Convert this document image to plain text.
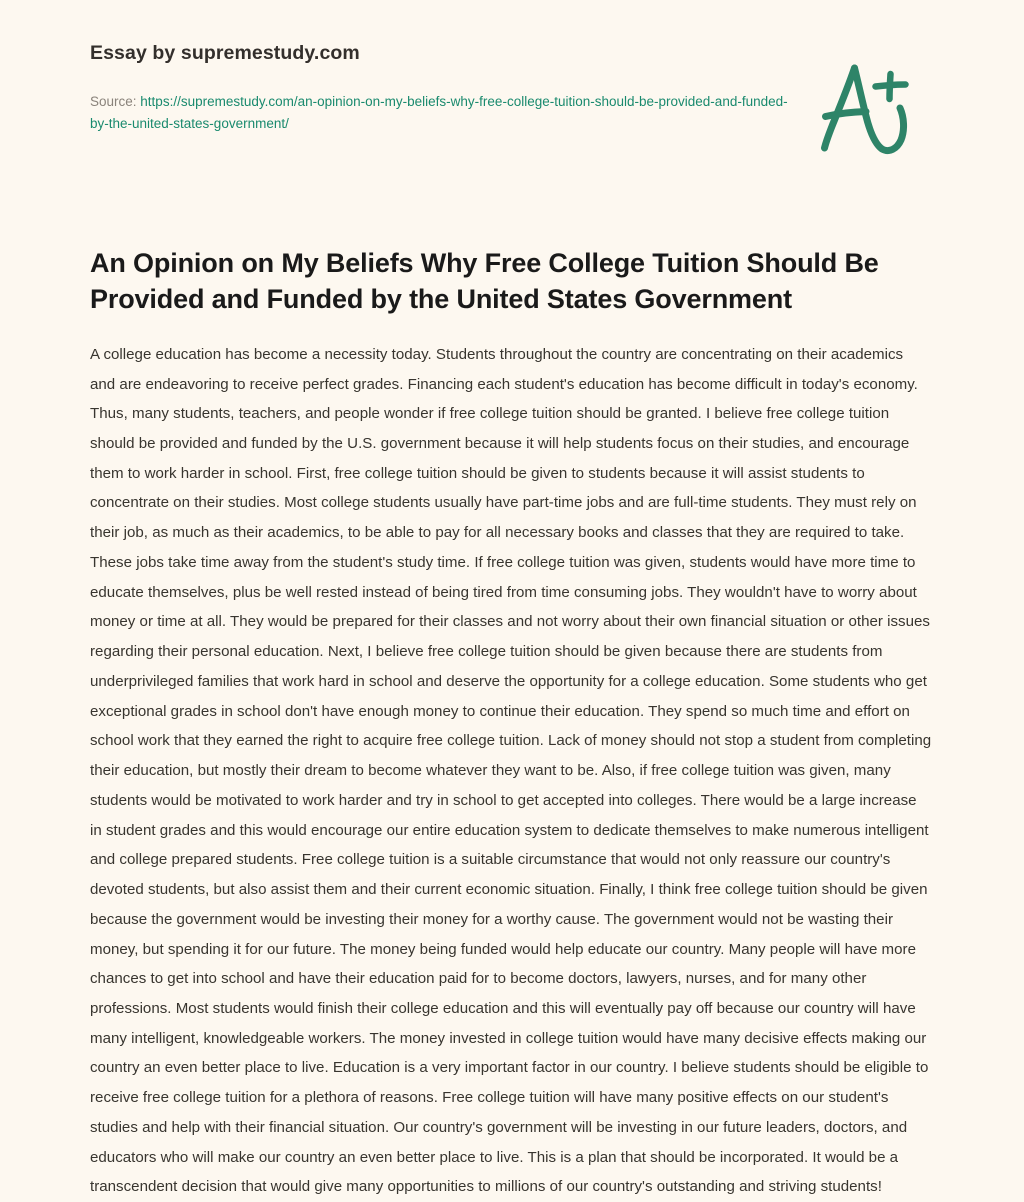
Essay by supremestudy.com

Source: https://supremestudy.com/an-opinion-on-my-beliefs-why-free-college-tuition-should-be-provided-and-funded-by-the-united-states-government/

An Opinion on My Beliefs Why Free College Tuition Should Be Provided and Funded by the United States Government

A college education has become a necessity today. Students throughout the country are concentrating on their academics and are endeavoring to receive perfect grades. Financing each student's education has become difficult in today's economy. Thus, many students, teachers, and people wonder if free college tuition should be granted. I believe free college tuition should be provided and funded by the U.S. government because it will help students focus on their studies, and encourage them to work harder in school. First, free college tuition should be given to students because it will assist students to concentrate on their studies. Most college students usually have part-time jobs and are full-time students. They must rely on their job, as much as their academics, to be able to pay for all necessary books and classes that they are required to take. These jobs take time away from the student's study time. If free college tuition was given, students would have more time to educate themselves, plus be well rested instead of being tired from time consuming jobs. They wouldn't have to worry about money or time at all. They would be prepared for their classes and not worry about their own financial situation or other issues regarding their personal education. Next, I believe free college tuition should be given because there are students from underprivileged families that work hard in school and deserve the opportunity for a college education. Some students who get exceptional grades in school don't have enough money to continue their education. They spend so much time and effort on school work that they earned the right to acquire free college tuition. Lack of money should not stop a student from completing their education, but mostly their dream to become whatever they want to be. Also, if free college tuition was given, many students would be motivated to work harder and try in school to get accepted into colleges. There would be a large increase in student grades and this would encourage our entire education system to dedicate themselves to make numerous intelligent and college prepared students. Free college tuition is a suitable circumstance that would not only reassure our country's devoted students, but also assist them and their current economic situation. Finally, I think free college tuition should be given because the government would be investing their money for a worthy cause. The government would not be wasting their money, but spending it for our future. The money being funded would help educate our country. Many people will have more chances to get into school and have their education paid for to become doctors, lawyers, nurses, and for many other professions. Most students would finish their college education and this will eventually pay off because our country will have many intelligent, knowledgeable workers. The money invested in college tuition would have many decisive effects making our country an even better place to live. Education is a very important factor in our country. I believe students should be eligible to receive free college tuition for a plethora of reasons. Free college tuition will have many positive effects on our student's studies and help with their financial situation. Our country's government will be investing in our future leaders, doctors, and educators who will make our country an even better place to live. This is a plan that should be incorporated. It would be a transcendent decision that would give many opportunities to millions of our country's outstanding and striving students!
